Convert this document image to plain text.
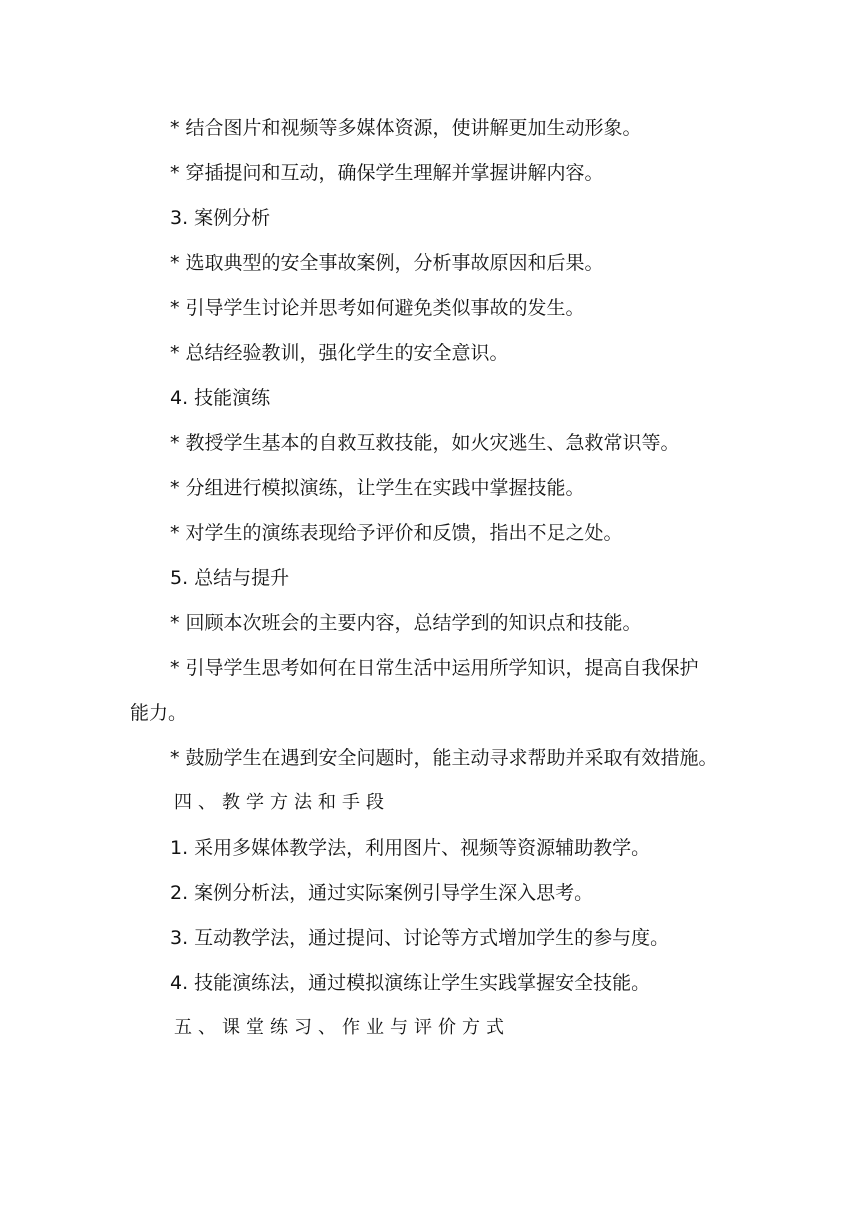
* 结合图片和视频等多媒体资源，使讲解更加生动形象。
* 穿插提问和互动，确保学生理解并掌握讲解内容。
3. 案例分析
* 选取典型的安全事故案例，分析事故原因和后果。
* 引导学生讨论并思考如何避免类似事故的发生。
* 总结经验教训，强化学生的安全意识。
4. 技能演练
* 教授学生基本的自救互救技能，如火灾逃生、急救常识等。
* 分组进行模拟演练，让学生在实践中掌握技能。
* 对学生的演练表现给予评价和反馈，指出不足之处。
5. 总结与提升
* 回顾本次班会的主要内容，总结学到的知识点和技能。
* 引导学生思考如何在日常生活中运用所学知识，提高自我保护
能力。
* 鼓励学生在遇到安全问题时，能主动寻求帮助并采取有效措施。
四、教学方法和手段
1. 采用多媒体教学法，利用图片、视频等资源辅助教学。
2. 案例分析法，通过实际案例引导学生深入思考。
3. 互动教学法，通过提问、讨论等方式增加学生的参与度。
4. 技能演练法，通过模拟演练让学生实践掌握安全技能。
五、课堂练习、作业与评价方式
